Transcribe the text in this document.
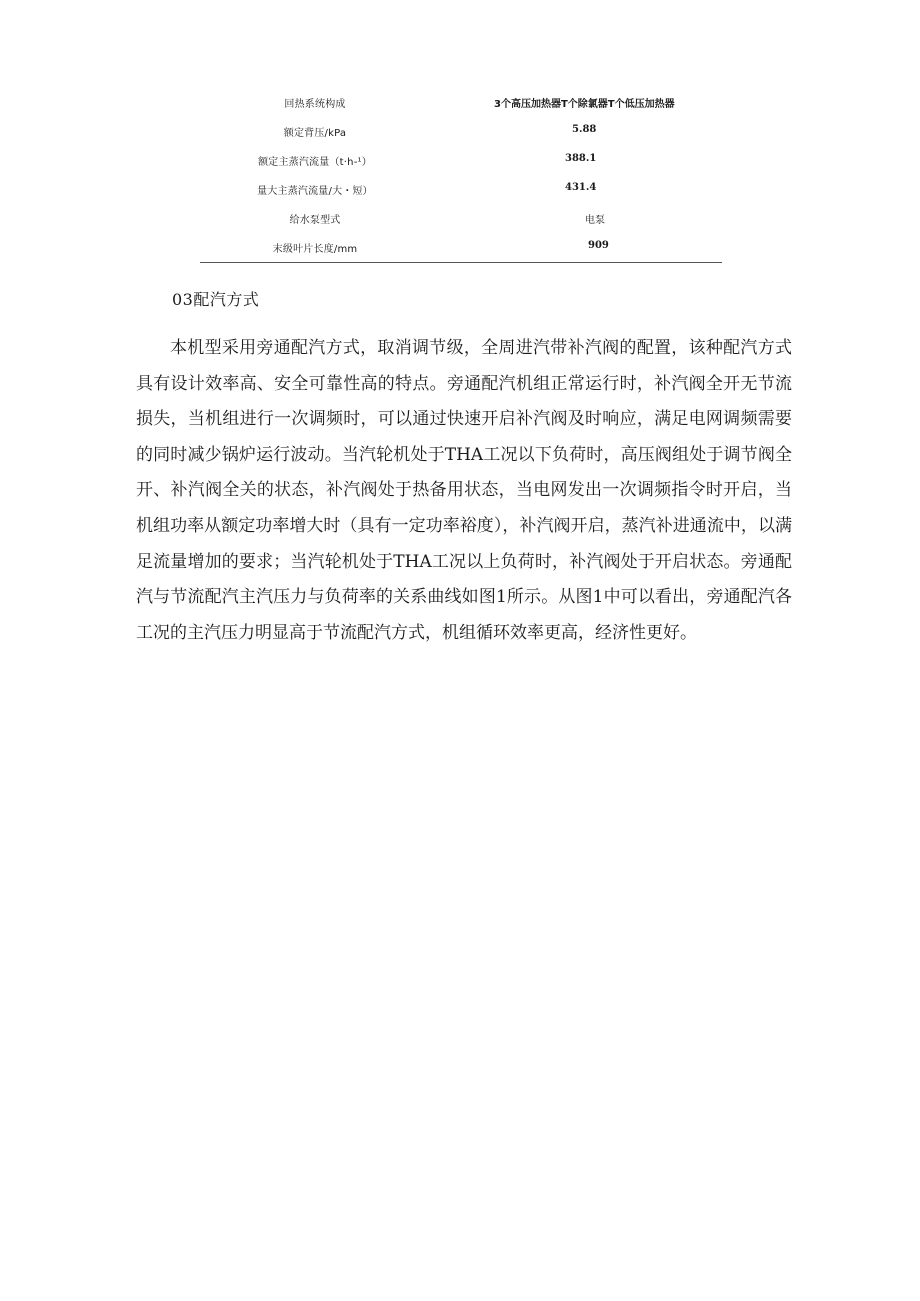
回热系统构成	3个高压加热器T个除氯器T个低压加热器
额定背压/kPa	5.88
额定主蒸汽流量（t·h-¹）	388.1
量大主蒸汽流量/大・短）	431.4
给水泵型式	电泵
末级叶片长度/mm	909
03配汽方式

本机型采用旁通配汽方式，取消调节级，全周进汽带补汽阀的配置，该种配汽方式具有设计效率高、安全可靠性高的特点。旁通配汽机组正常运行时，补汽阀全开无节流损失，当机组进行一次调频时，可以通过快速开启补汽阀及时响应，满足电网调频需要的同时减少锅炉运行波动。当汽轮机处于THA工况以下负荷时，高压阀组处于调节阀全开、补汽阀全关的状态，补汽阀处于热备用状态，当电网发出一次调频指令时开启，当机组功率从额定功率增大时（具有一定功率裕度），补汽阀开启，蒸汽补进通流中，以满足流量增加的要求；当汽轮机处于THA工况以上负荷时，补汽阀处于开启状态。旁通配汽与节流配汽主汽压力与负荷率的关系曲线如图1所示。从图1中可以看出，旁通配汽各工况的主汽压力明显高于节流配汽方式，机组循环效率更高，经济性更好。
